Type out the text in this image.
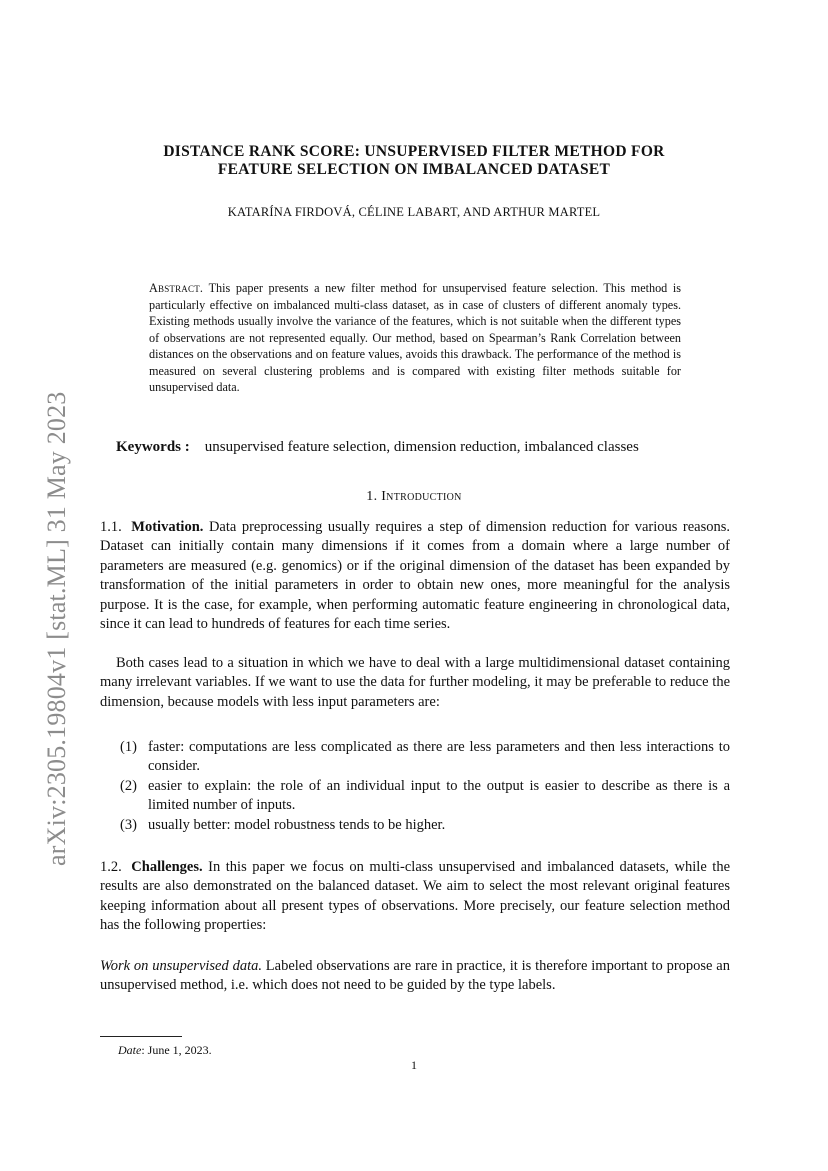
arXiv:2305.19804v1 [stat.ML] 31 May 2023
DISTANCE RANK SCORE: UNSUPERVISED FILTER METHOD FOR
FEATURE SELECTION ON IMBALANCED DATASET
KATARÍNA FIRDOVÁ, CÉLINE LABART, AND ARTHUR MARTEL
Abstract. This paper presents a new filter method for unsupervised feature selection. This method is particularly effective on imbalanced multi-class dataset, as in case of clusters of different anomaly types. Existing methods usually involve the variance of the features, which is not suitable when the different types of observations are not represented equally. Our method, based on Spearman’s Rank Correlation between distances on the observations and on feature values, avoids this drawback. The performance of the method is measured on several clustering problems and is compared with existing filter methods suitable for unsupervised data.
Keywords : unsupervised feature selection, dimension reduction, imbalanced classes
1. Introduction
1.1. Motivation. Data preprocessing usually requires a step of dimension reduction for various reasons. Dataset can initially contain many dimensions if it comes from a domain where a large number of parameters are measured (e.g. genomics) or if the original dimension of the dataset has been expanded by transformation of the initial parameters in order to obtain new ones, more meaningful for the analysis purpose. It is the case, for example, when performing automatic feature engineering in chronological data, since it can lead to hundreds of features for each time series.
Both cases lead to a situation in which we have to deal with a large multidimensional dataset containing many irrelevant variables. If we want to use the data for further modeling, it may be preferable to reduce the dimension, because models with less input parameters are:
(1) faster: computations are less complicated as there are less parameters and then less interactions to consider.
(2) easier to explain: the role of an individual input to the output is easier to describe as there is a limited number of inputs.
(3) usually better: model robustness tends to be higher.
1.2. Challenges. In this paper we focus on multi-class unsupervised and imbalanced datasets, while the results are also demonstrated on the balanced dataset. We aim to select the most relevant original features keeping information about all present types of observations. More precisely, our feature selection method has the following properties:
Work on unsupervised data. Labeled observations are rare in practice, it is therefore important to propose an unsupervised method, i.e. which does not need to be guided by the type labels.
Date: June 1, 2023.
1
